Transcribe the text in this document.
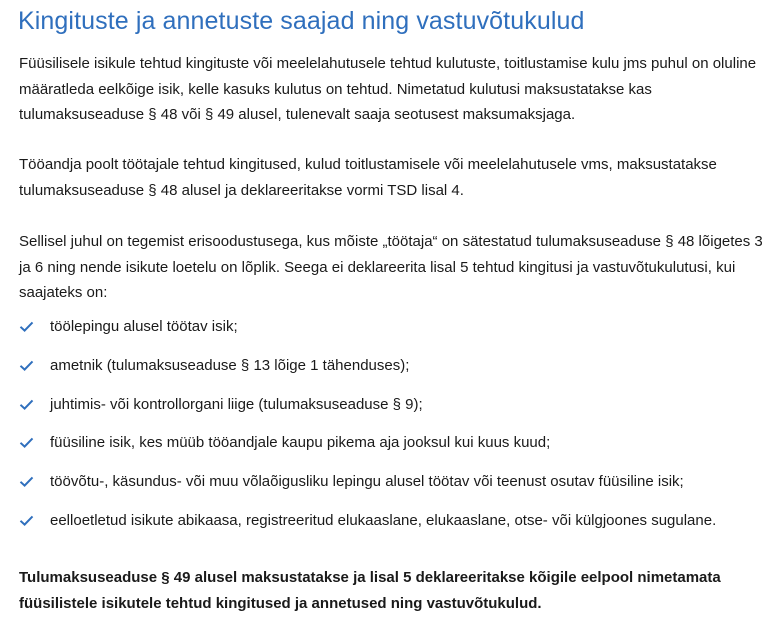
Kingituste ja annetuste saajad ning vastuvõtukulud

Füüsilisele isikule tehtud kingituste või meelelahutusele tehtud kulutuste, toitlustamise kulu jms puhul on oluline määratleda eelkõige isik, kelle kasuks kulutus on tehtud. Nimetatud kulutusi maksustatakse kas tulumaksuseaduse § 48 või § 49 alusel, tulenevalt saaja seotusest maksumaksjaga.

Tööandja poolt töötajale tehtud kingitused, kulud toitlustamisele või meelelahutusele vms, maksustatakse tulumaksuseaduse § 48 alusel ja deklareeritakse vormi TSD lisal 4.

Sellisel juhul on tegemist erisoodustusega, kus mõiste „töötaja“ on sätestatud tulumaksuseaduse § 48 lõigetes 3 ja 6 ning nende isikute loetelu on lõplik. Seega ei deklareerita lisal 5 tehtud kingitusi ja vastuvõtukulutusi, kui saajateks on:

töölepingu alusel töötav isik;
ametnik (tulumaksuseaduse § 13 lõige 1 tähenduses);
juhtimis- või kontrollorgani liige (tulumaksuseaduse § 9);
füüsiline isik, kes müüb tööandjale kaupu pikema aja jooksul kui kuus kuud;
töövõtu-, käsundus- või muu võlaõigusliku lepingu alusel töötav või teenust osutav füüsiline isik;
eelloetletud isikute abikaasa, registreeritud elukaaslane, elukaaslane, otse- või külgjoones sugulane.

Tulumaksuseaduse § 49 alusel maksustatakse ja lisal 5 deklareeritakse kõigile eelpool nimetamata füüsilistele isikutele tehtud kingitused ja annetused ning vastuvõtukulud.
